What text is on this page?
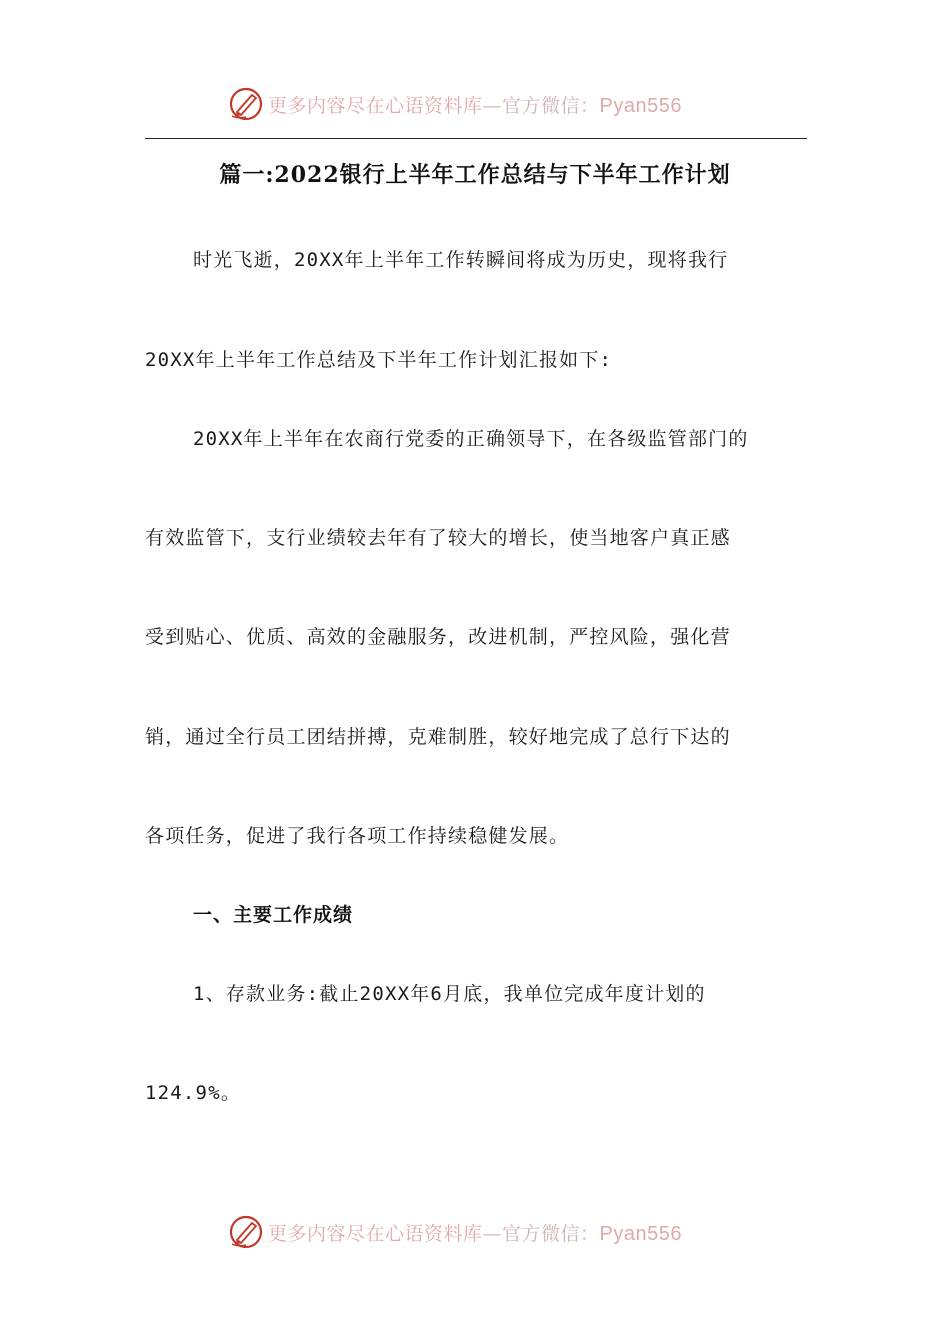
更多内容尽在心语资料库—官方微信：Pyan556
篇一:2022银行上半年工作总结与下半年工作计划
时光飞逝，20XX年上半年工作转瞬间将成为历史，现将我行
20XX年上半年工作总结及下半年工作计划汇报如下:
20XX年上半年在农商行党委的正确领导下，在各级监管部门的
有效监管下，支行业绩较去年有了较大的增长，使当地客户真正感
受到贴心、优质、高效的金融服务，改进机制，严控风险，强化营
销，通过全行员工团结拼搏，克难制胜，较好地完成了总行下达的
各项任务，促进了我行各项工作持续稳健发展。
一、主要工作成绩
1、存款业务:截止20XX年6月底，我单位完成年度计划的
124.9%。
更多内容尽在心语资料库—官方微信：Pyan556
